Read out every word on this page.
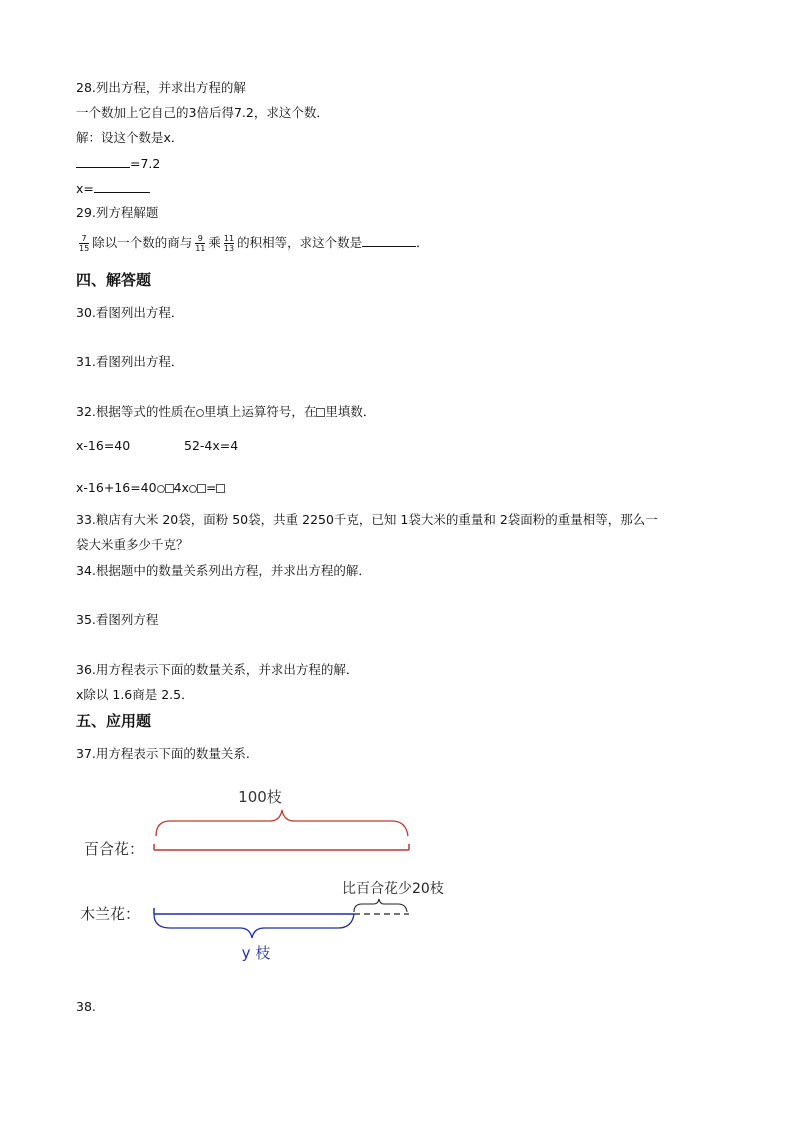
28.列出方程，并求出方程的解
一个数加上它自己的3倍后得7.2，求这个数．
解：设这个数是x．
=7.2
x=
29.列方程解题
$\frac{7}{15}$ 除以一个数的商与 $\frac{9}{11}$ 乘 $\frac{11}{13}$ 的积相等，求这个数是	．
四、解答题
30.看图列出方程．
31.看图列出方程．
32.根据等式的性质在 里填上运算符号，在 里填数．
x-16=40	52-4x=4
x-16+16=40 4x =
33.粮店有大米 20袋，面粉 50袋，共重 2250千克，已知 1袋大米的重量和 2袋面粉的重量相等，那么一
袋大米重多少千克？
34.根据题中的数量关系列出方程，并求出方程的解．
35.看图列方程
36.用方程表示下面的数量关系，并求出方程的解．
x除以 1.6商是 2.5．
五、应用题
37.用方程表示下面的数量关系.
100枝
百合花：
比百合花少20枝
木兰花：
y 枝
38.
